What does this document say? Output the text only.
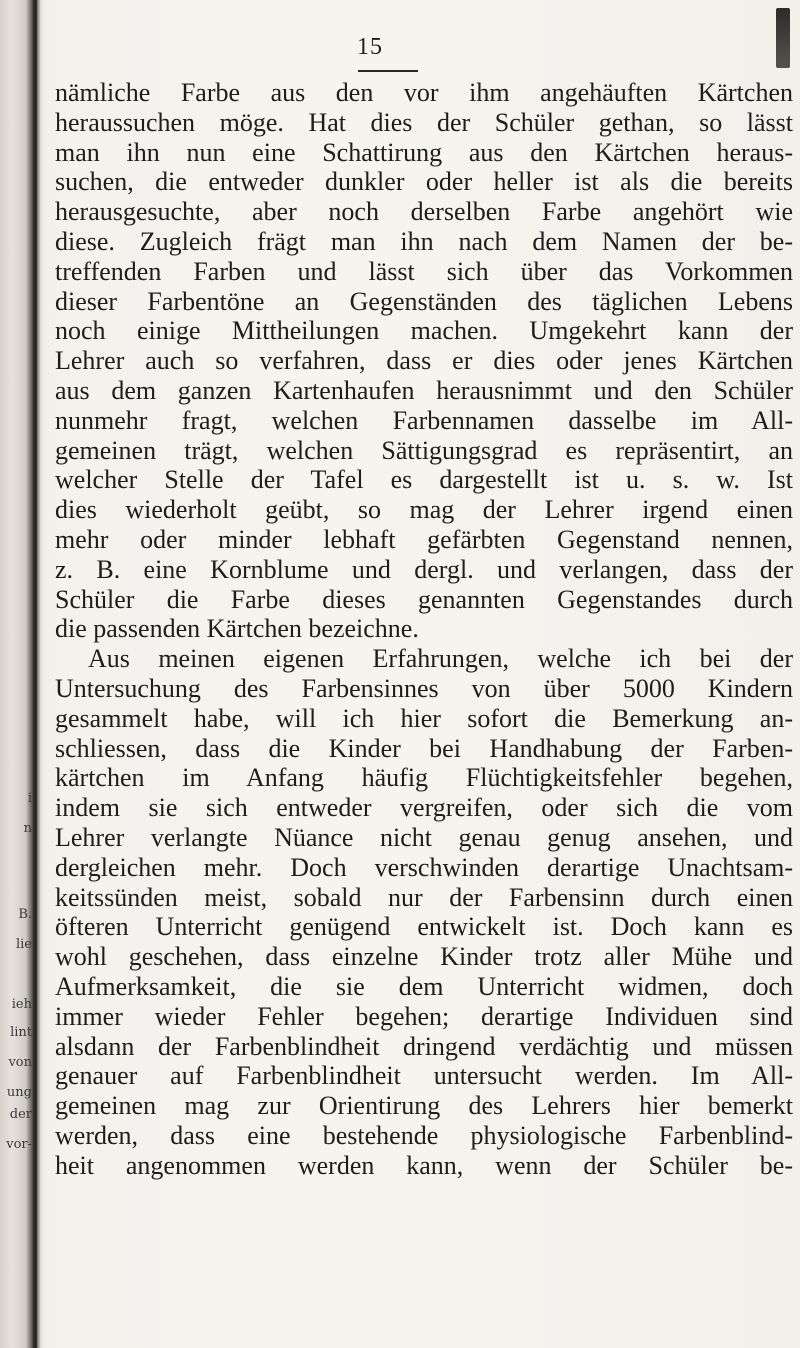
i
n
B.
lie
ieh
lint
von
ung
der
vor-
15
nämliche Farbe aus den vor ihm angehäuften Kärtchen
heraussuchen möge. Hat dies der Schüler gethan, so lässt
man ihn nun eine Schattirung aus den Kärtchen heraus-
suchen, die entweder dunkler oder heller ist als die bereits
herausgesuchte, aber noch derselben Farbe angehört wie
diese. Zugleich frägt man ihn nach dem Namen der be-
treffenden Farben und lässt sich über das Vorkommen
dieser Farbentöne an Gegenständen des täglichen Lebens
noch einige Mittheilungen machen. Umgekehrt kann der
Lehrer auch so verfahren, dass er dies oder jenes Kärtchen
aus dem ganzen Kartenhaufen herausnimmt und den Schüler
nunmehr fragt, welchen Farbennamen dasselbe im All-
gemeinen trägt, welchen Sättigungsgrad es repräsentirt, an
welcher Stelle der Tafel es dargestellt ist u. s. w. Ist
dies wiederholt geübt, so mag der Lehrer irgend einen
mehr oder minder lebhaft gefärbten Gegenstand nennen,
z. B. eine Kornblume und dergl. und verlangen, dass der
Schüler die Farbe dieses genannten Gegenstandes durch
die passenden Kärtchen bezeichne.
Aus meinen eigenen Erfahrungen, welche ich bei der
Untersuchung des Farbensinnes von über 5000 Kindern
gesammelt habe, will ich hier sofort die Bemerkung an-
schliessen, dass die Kinder bei Handhabung der Farben-
kärtchen im Anfang häufig Flüchtigkeitsfehler begehen,
indem sie sich entweder vergreifen, oder sich die vom
Lehrer verlangte Nüance nicht genau genug ansehen, und
dergleichen mehr. Doch verschwinden derartige Unachtsam-
keitssünden meist, sobald nur der Farbensinn durch einen
öfteren Unterricht genügend entwickelt ist. Doch kann es
wohl geschehen, dass einzelne Kinder trotz aller Mühe und
Aufmerksamkeit, die sie dem Unterricht widmen, doch
immer wieder Fehler begehen; derartige Individuen sind
alsdann der Farbenblindheit dringend verdächtig und müssen
genauer auf Farbenblindheit untersucht werden. Im All-
gemeinen mag zur Orientirung des Lehrers hier bemerkt
werden, dass eine bestehende physiologische Farbenblind-
heit angenommen werden kann, wenn der Schüler be-
